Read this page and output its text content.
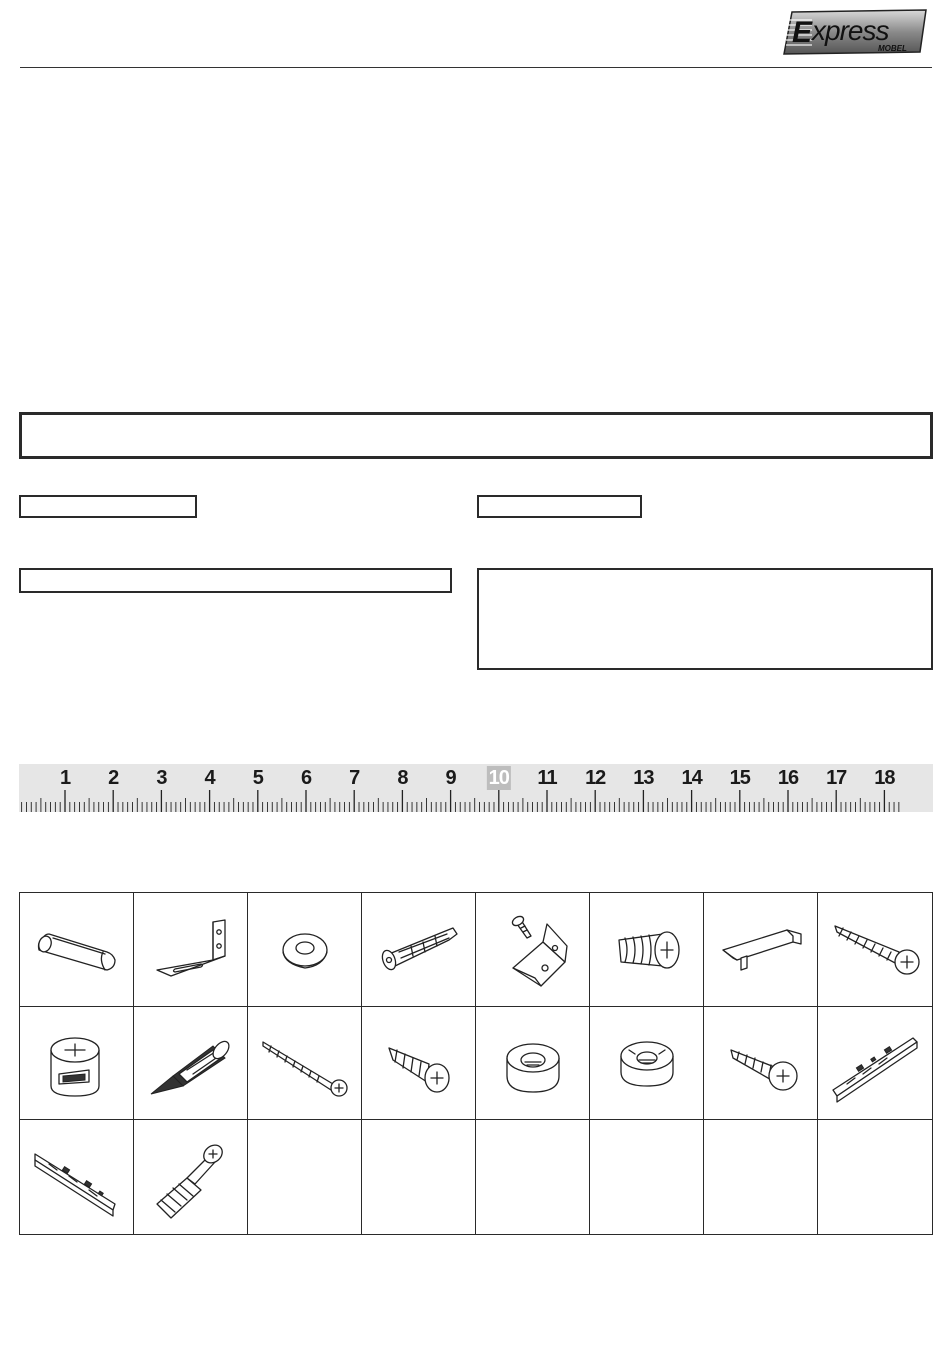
E xpress
MOBEL
1 2 3 4 5 6 7 8 9 10 11 12 13 14 15 16 17 18
